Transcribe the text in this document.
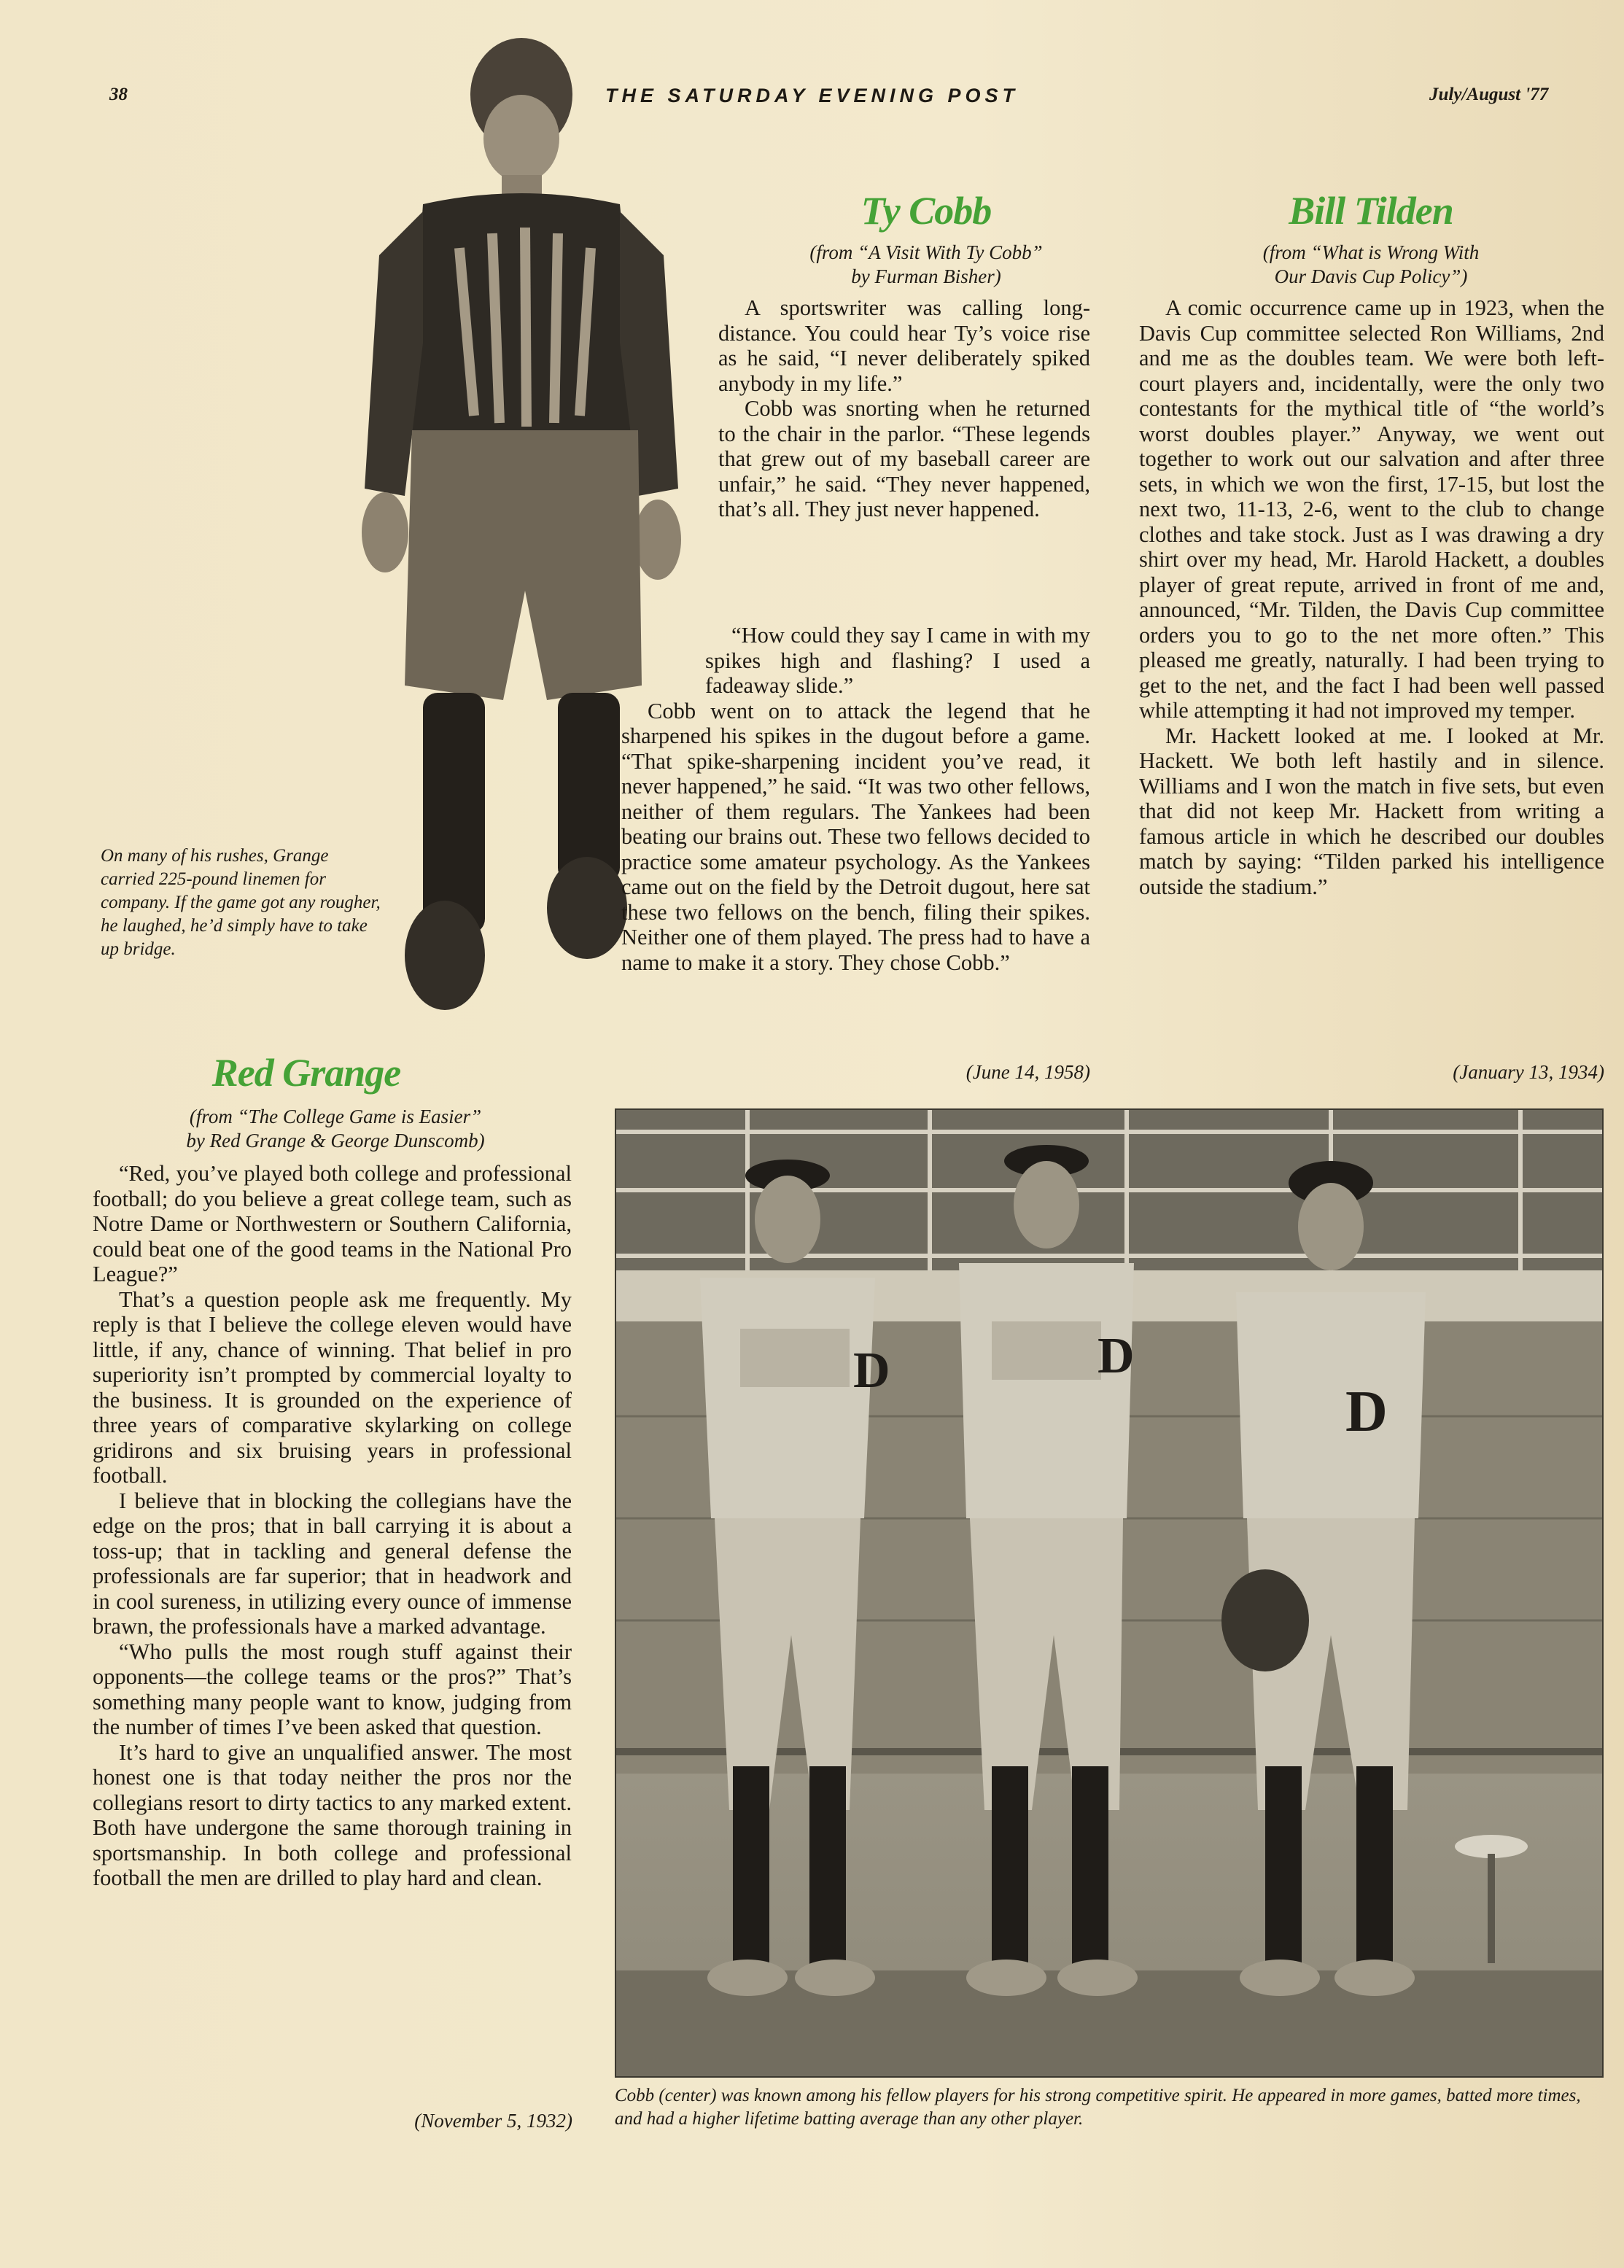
38	THE SATURDAY EVENING POST	July/August '77
Ty Cobb
(from “A Visit With Ty Cobb”
by Furman Bisher)

A sportswriter was calling long-distance. You could hear Ty’s voice rise as he said, “I never deliberately spiked anybody in my life.”

Cobb was snorting when he returned to the chair in the parlor. “These legends that grew out of my baseball career are unfair,” he said. “They never happened, that’s all. They just never happened.

“How could they say I came in with my spikes high and flashing? I used a fadeaway slide.”

Cobb went on to attack the legend that he sharpened his spikes in the dugout before a game. “That spike-sharpening incident you’ve read, it never happened,” he said. “It was two other fellows, neither of them regulars. The Yankees had been beating our brains out. These two fellows decided to practice some amateur psychology. As the Yankees came out on the field by the Detroit dugout, here sat these two fellows on the bench, filing their spikes. Neither one of them played. The press had to have a name to make it a story. They chose Cobb.”

(June 14, 1958)
Bill Tilden
(from “What is Wrong With
Our Davis Cup Policy”)

A comic occurrence came up in 1923, when the Davis Cup committee selected Ron Williams, 2nd and me as the doubles team. We were both left-court players and, incidentally, were the only two contestants for the mythical title of “the world’s worst doubles player.” Anyway, we went out together to work out our salvation and after three sets, in which we won the first, 17-15, but lost the next two, 11-13, 2-6, went to the club to change clothes and take stock. Just as I was drawing a dry shirt over my head, Mr. Harold Hackett, a doubles player of great repute, arrived in front of me and, announced, “Mr. Tilden, the Davis Cup committee orders you to go to the net more often.” This pleased me greatly, naturally. I had been trying to get to the net, and the fact I had been well passed while attempting it had not improved my temper.

Mr. Hackett looked at me. I looked at Mr. Hackett. We both left hastily and in silence. Williams and I won the match in five sets, but even that did not keep Mr. Hackett from writing a famous article in which he described our doubles match by saying: “Tilden parked his intelligence outside the stadium.”

(January 13, 1934)
On many of his rushes, Grange carried 225-pound linemen for company. If the game got any rougher, he laughed, he’d simply have to take up bridge.
Red Grange
(from “The College Game is Easier”
by Red Grange & George Dunscomb)

“Red, you’ve played both college and professional football; do you believe a great college team, such as Notre Dame or Northwestern or Southern California, could beat one of the good teams in the National Pro League?”

That’s a question people ask me frequently. My reply is that I believe the college eleven would have little, if any, chance of winning. That belief in pro superiority isn’t prompted by commercial loyalty to the business. It is grounded on the experience of three years of comparative skylarking on college gridirons and six bruising years in professional football.

I believe that in blocking the collegians have the edge on the pros; that in ball carrying it is about a toss-up; that in tackling and general defense the professionals are far superior; that in headwork and in cool sureness, in utilizing every ounce of immense brawn, the professionals have a marked advantage.

“Who pulls the most rough stuff against their opponents—the college teams or the pros?” That’s something many people want to know, judging from the number of times I’ve been asked that question.

It’s hard to give an unqualified answer. The most honest one is that today neither the pros nor the collegians resort to dirty tactics to any marked extent. Both have undergone the same thorough training in sportsmanship. In both college and professional football the men are drilled to play hard and clean.

(November 5, 1932)
D	D
D
Cobb (center) was known among his fellow players for his strong competitive spirit. He appeared in more games, batted more times, and had a higher lifetime batting average than any other player.
